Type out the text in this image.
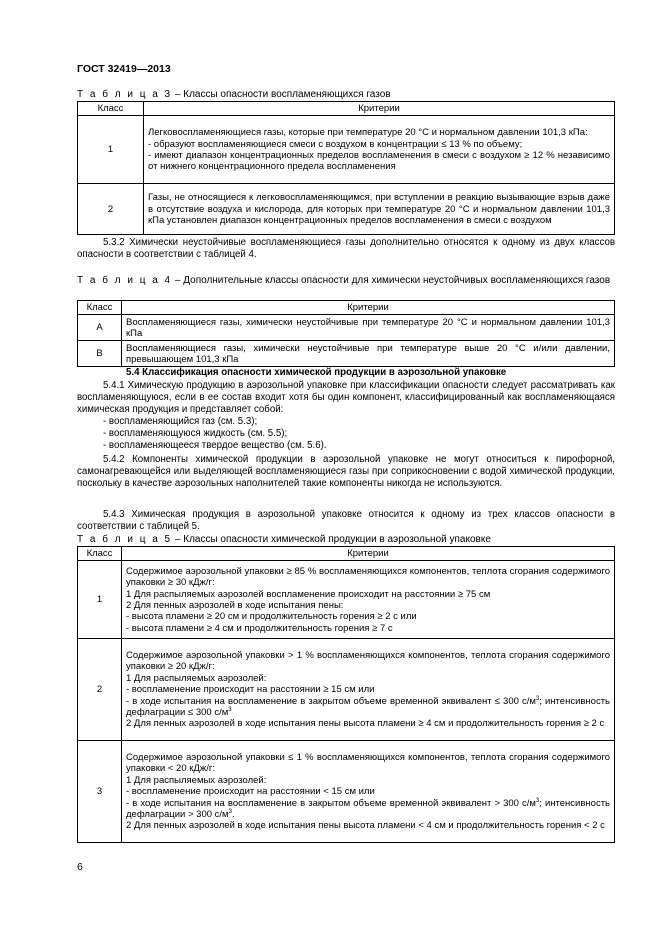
ГОСТ 32419—2013
Т а б л и ц а 3 – Классы опасности воспламеняющихся газов
Класс	Критерии
1	Легковоспламеняющиеся газы, которые при температуре 20 °С и нормальном давлении 101,3 кПа:
- образуют воспламеняющиеся смеси с воздухом в концентрации ≤ 13 % по объему;
- имеют диапазон концентрационных пределов воспламенения в смеси с воздухом ≥ 12 % независимо от нижнего концентрационного предела воспламенения

2	Газы, не относящиеся к легковоспламеняющимся, при вступлении в реакцию вызывающие взрыв даже в отсутствие воздуха и кислорода, для которых при температуре 20 °С и нормальном давлении 101,3 кПа установлен диапазон концентрационных пределов воспламенения в смеси с воздухом
5.3.2 Химически неустойчивые воспламеняющиеся газы дополнительно относятся к одному из двух классов опасности в соответствии с таблицей 4.
Т а б л и ц а 4 – Дополнительные классы опасности для химически неустойчивых воспламеняющихся газов
Класс	Критерии
А	Воспламеняющиеся газы, химически неустойчивые при температуре 20 °С и нормальном давлении 101,3 кПа
В	Воспламеняющиеся газы, химически неустойчивые при температуре выше 20 °С и/или давлении, превышающем 101,3 кПа
5.4 Классификация опасности химической продукции в аэрозольной упаковке
5.4.1 Химическую продукцию в аэрозольной упаковке при классификации опасности следует рассматривать как воспламеняющуюся, если в ее состав входит хотя бы один компонент, классифицированный как воспламеняющаяся химическая продукция и представляет собой:
- воспламеняющийся газ (см. 5.3);
- воспламеняющуюся жидкость (см. 5.5);
- воспламеняющееся твердое вещество (см. 5.6).
5.4.2 Компоненты химической продукции в аэрозольной упаковке не могут относиться к пирофорной, самонагревающейся или выделяющей воспламеняющиеся газы при соприкосновении с водой химической продукции, поскольку в качестве аэрозольных наполнителей такие компоненты никогда не используются.
5.4.3 Химическая продукция в аэрозольной упаковке относится к одному из трех классов опасности в соответствии с таблицей 5.
Т а б л и ц а 5 – Классы опасности химической продукции в аэрозольной упаковке
Класс	Критерии
1	Содержимое аэрозольной упаковки ≥ 85 % воспламеняющихся компонентов, теплота сгорания содержимого упаковки ≥ 30 кДж/г:
1 Для распыляемых аэрозолей воспламенение происходит на расстоянии ≥ 75 см
2 Для пенных аэрозолей в ходе испытания пены:
- высота пламени ≥ 20 см и продолжительность горения ≥ 2 с или
- высота пламени ≥ 4 см и продолжительность горения ≥ 7 с

2	Содержимое аэрозольной упаковки > 1 % воспламеняющихся компонентов, теплота сгорания содержимого упаковки ≥ 20 кДж/г:
1 Для распыляемых аэрозолей:
- воспламенение происходит на расстоянии ≥ 15 см или
- в ходе испытания на воспламенение в закрытом объеме временной эквивалент ≤ 300 $с/м^3$; интенсивность дефлаграции ≤ 300 $с/м^3$
2 Для пенных аэрозолей в ходе испытания пены высота пламени ≥ 4 см и продолжительность горения ≥ 2 с

3	Содержимое аэрозольной упаковки ≤ 1 % воспламеняющихся компонентов, теплота сгорания содержимого упаковки < 20 кДж/г:
1 Для распыляемых аэрозолей:
- воспламенение происходит на расстоянии < 15 см или
- в ходе испытания на воспламенение в закрытом объеме временной эквивалент > 300 $с/м^3$; интенсивность дефлаграции > 300 $с/м^3$.
2 Для пенных аэрозолей в ходе испытания пены высота пламени < 4 см и продолжительность горения < 2 с
6
